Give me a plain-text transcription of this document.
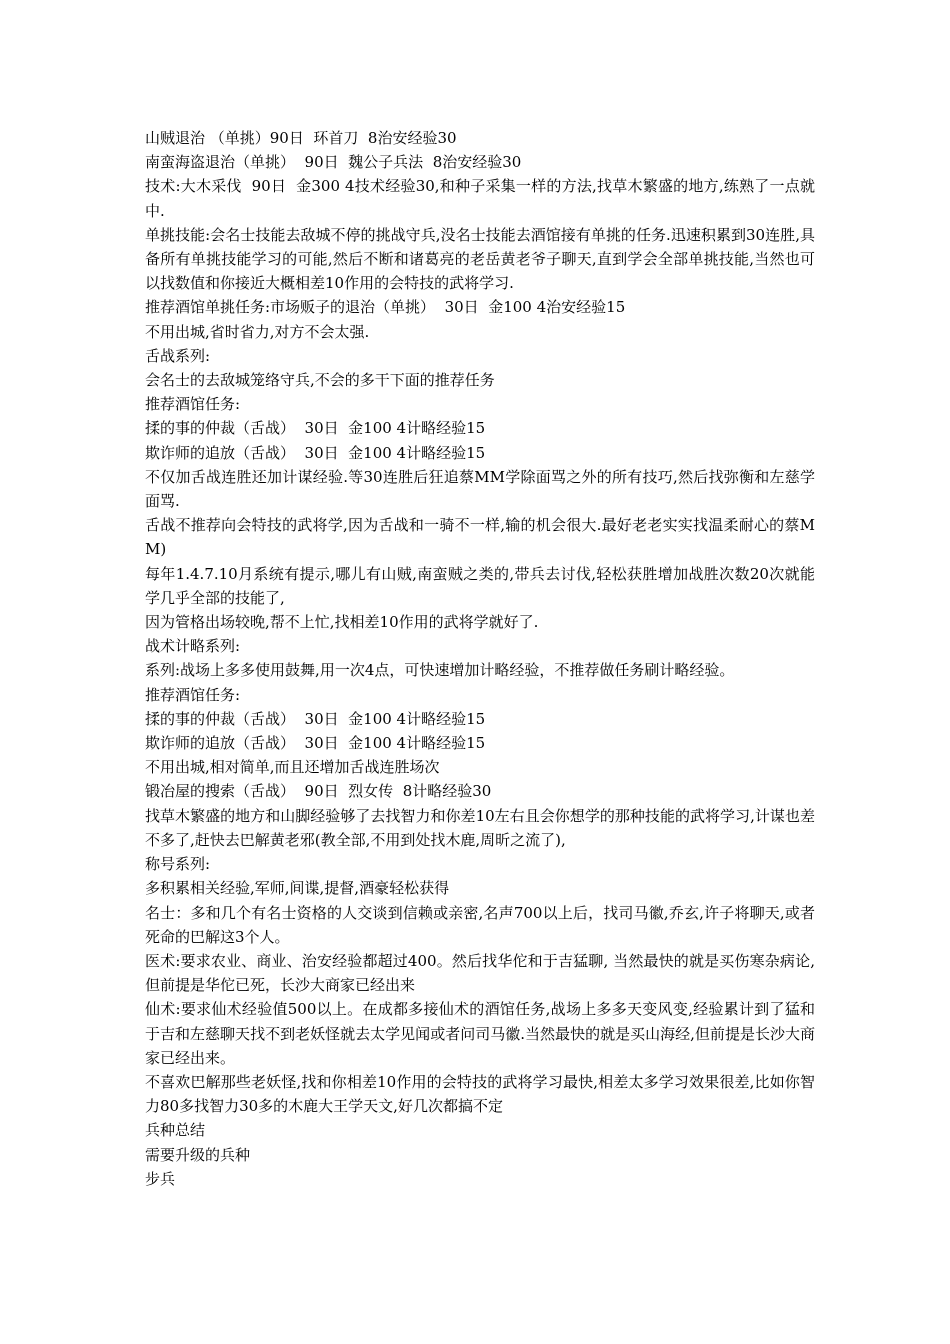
山贼退治 （单挑）90日  环首刀  8治安经验30

南蛮海盗退治（单挑）  90日  魏公子兵法  8治安经验30

技术:大木采伐  90日  金300 4技术经验30,和种子采集一样的方法,找草木繁盛的地方,练熟了一点就中.

单挑技能:会名士技能去敌城不停的挑战守兵,没名士技能去酒馆接有单挑的任务.迅速积累到30连胜,具备所有单挑技能学习的可能,然后不断和诸葛亮的老岳黄老爷子聊天,直到学会全部单挑技能,当然也可以找数值和你接近大概相差10作用的会特技的武将学习.

推荐酒馆单挑任务:市场贩子的退治（单挑）  30日  金100 4治安经验15

不用出城,省时省力,对方不会太强.

舌战系列:

会名士的去敌城笼络守兵,不会的多干下面的推荐任务

推荐酒馆任务:

揉的事的仲裁（舌战）  30日  金100 4计略经验15

欺诈师的追放（舌战）  30日  金100 4计略经验15

不仅加舌战连胜还加计谋经验.等30连胜后狂追蔡MM学除面骂之外的所有技巧,然后找弥衡和左慈学面骂.

舌战不推荐向会特技的武将学,因为舌战和一骑不一样,输的机会很大.最好老老实实找温柔耐心的蔡MM)

每年1.4.7.10月系统有提示,哪儿有山贼,南蛮贼之类的,带兵去讨伐,轻松获胜增加战胜次数20次就能学几乎全部的技能了,

因为管格出场较晚,帮不上忙,找相差10作用的武将学就好了.

战术计略系列:

系列:战场上多多使用鼓舞,用一次4点，可快速增加计略经验，不推荐做任务刷计略经验。

推荐酒馆任务:

揉的事的仲裁（舌战）  30日  金100 4计略经验15

欺诈师的追放（舌战）  30日  金100 4计略经验15

不用出城,相对简单,而且还增加舌战连胜场次

锻冶屋的搜索（舌战）  90日  烈女传  8计略经验30

找草木繁盛的地方和山脚经验够了去找智力和你差10左右且会你想学的那种技能的武将学习,计谋也差不多了,赶快去巴解黄老邪(教全部,不用到处找木鹿,周昕之流了),

称号系列:

多积累相关经验,军师,间谍,提督,酒豪轻松获得

名士：多和几个有名士资格的人交谈到信赖或亲密,名声700以上后，找司马徽,乔玄,许子将聊天,或者死命的巴解这3个人。

医术:要求农业、商业、治安经验都超过400。然后找华佗和于吉猛聊, 当然最快的就是买伤寒杂病论,但前提是华佗已死，长沙大商家已经出来

仙术:要求仙术经验值500以上。在成都多接仙术的酒馆任务,战场上多多天变风变,经验累计到了猛和于吉和左慈聊天找不到老妖怪就去太学见闻或者问司马徽.当然最快的就是买山海经,但前提是长沙大商家已经出来。

不喜欢巴解那些老妖怪,找和你相差10作用的会特技的武将学习最快,相差太多学习效果很差,比如你智力80多找智力30多的木鹿大王学天文,好几次都搞不定

兵种总结

需要升级的兵种

步兵
